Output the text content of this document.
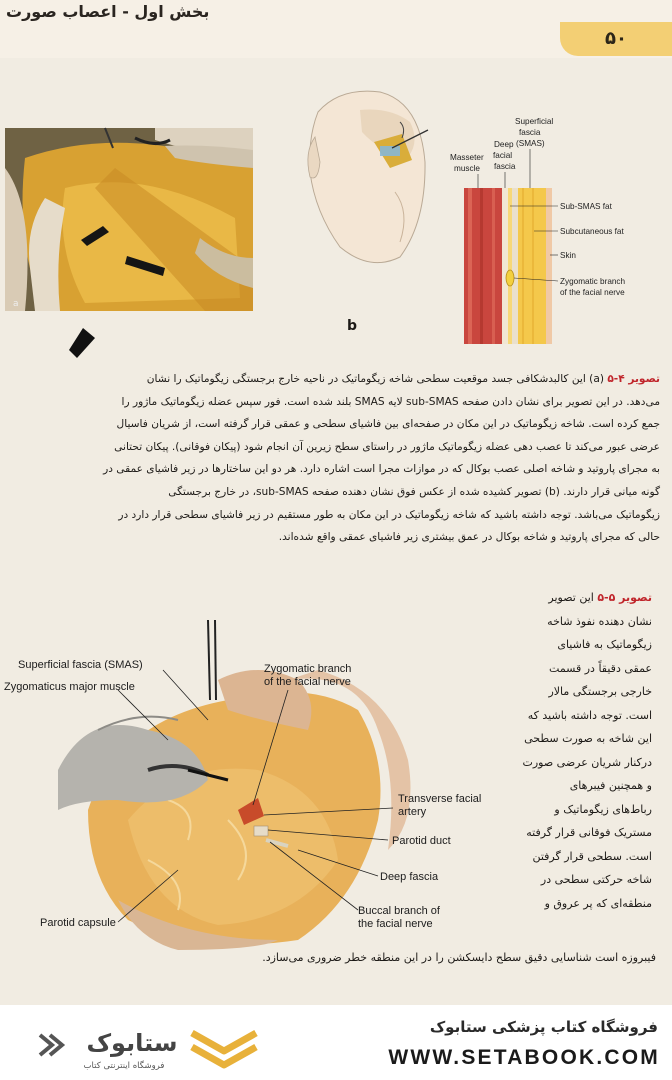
بخش اول - اعصاب صورت
۵۰
a
b
Superficial
fascia
(SMAS)
Deep
facial
fascia
Masseter
muscle
Sub-SMAS fat
Subcutaneous fat
Skin
Zygomatic branch
of the facial nerve

تصویر ۴-۵ (a) این کالبدشکافی جسد موقعیت سطحی شاخه زیگوماتیک در ناحیه خارج برجستگی زیگوماتیک را نشان

می‌دهد. در این تصویر برای نشان دادن صفحه sub-SMAS لایه SMAS بلند شده است. فور سپس عضله زیگوماتیک ماژور را

جمع کرده است. شاخه زیگوماتیک در این مکان در صفحه‌ای بین فاشیای سطحی و عمقی قرار گرفته است، از شریان فاسیال

عرضی عبور می‌کند تا عصب دهی عضله زیگوماتیک ماژور در راستای سطح زیرین آن انجام شود (پیکان فوقانی). پیکان تحتانی

به مجرای پاروتید و شاخه اصلی عصب بوکال که در موازات مجرا است اشاره دارد. هر دو این ساختارها در زیر فاشیای عمقی در

گونه میانی قرار دارند. (b) تصویر کشیده شده از عکس فوق نشان دهنده صفحه sub-SMAS، در خارج برجستگی

زیگوماتیک می‌باشد. توجه داشته باشید که شاخه زیگوماتیک در این مکان به طور مستقیم در زیر فاشیای سطحی قرار دارد در

حالی که مجرای پاروتید و شاخه بوکال در عمق بیشتری زیر فاشیای عمقی واقع شده‌اند.

Superficial fascia (SMAS)
Zygomaticus major muscle
Zygomatic branch
of the facial nerve
Transverse facial
artery
Parotid duct
Deep fascia
Buccal branch of
the facial nerve
Parotid capsule

تصویر ۵-۵ این تصویر

نشان دهنده نفوذ شاخه

زیگوماتیک به فاشیای

عمقی دقیقاً در قسمت

خارجی برجستگی مالار

است. توجه داشته باشید که

این شاخه به صورت سطحی

درکنار شریان عرضی صورت

و همچنین فیبرهای

رباط‌های زیگوماتیک و

مستریک فوقانی قرار گرفته

است. سطحی قرار گرفتن

شاخه حرکتی سطحی در

منطقه‌ای که پر عروق و

فیبروزه است شناسایی دقیق سطح دایسکشن را در این منطقه خطر ضروری می‌سازد.

ستابوک
فروشگاه اینترنتی کتاب
فروشگاه کتاب پزشکی ستابوک
WWW.SETABOOK.COM
